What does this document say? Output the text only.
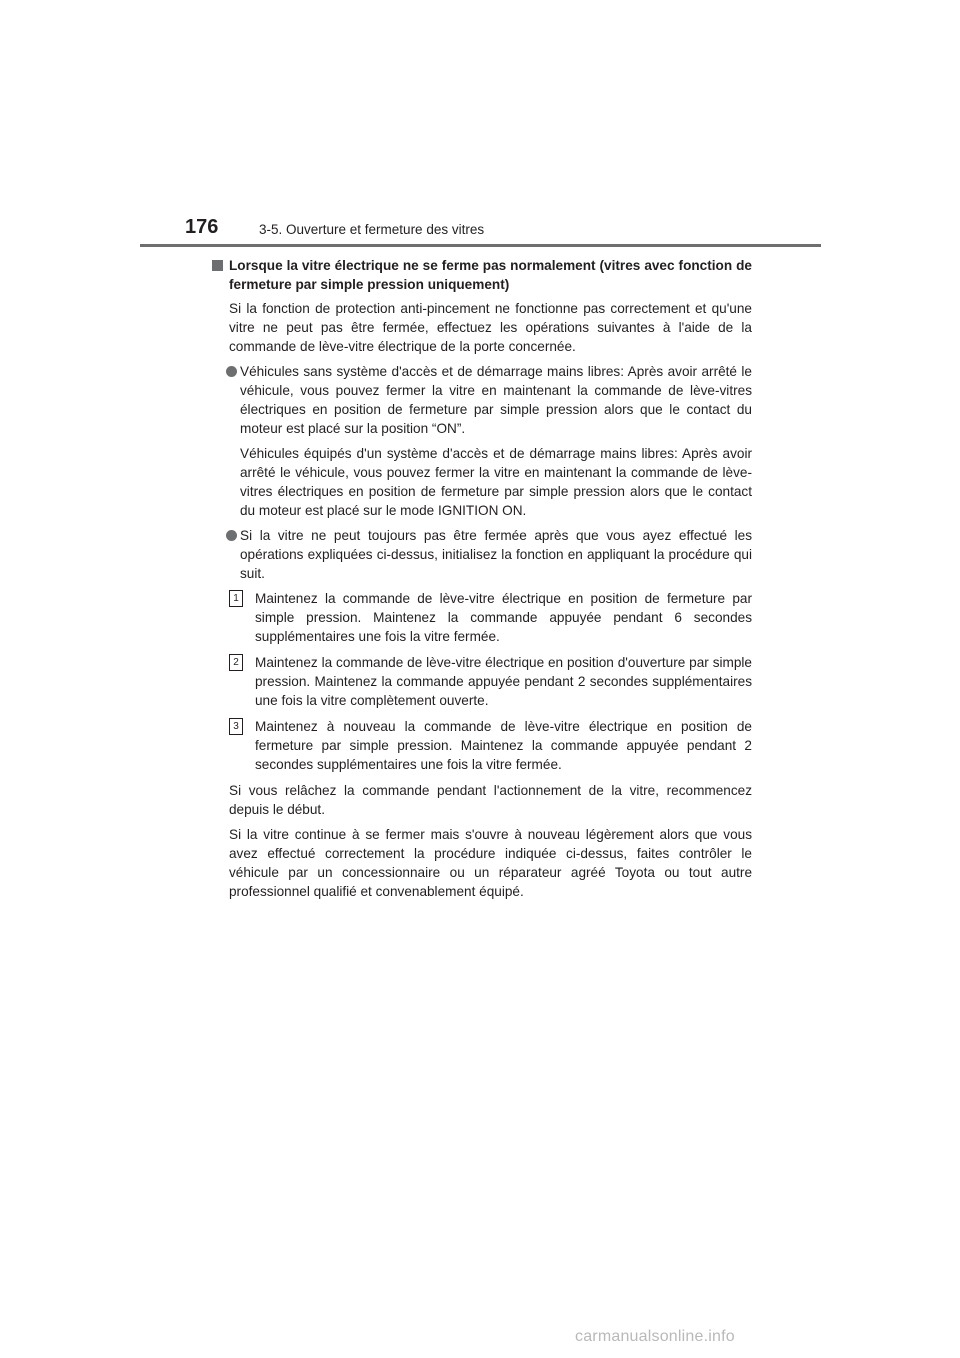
176	3-5. Ouverture et fermeture des vitres
Lorsque la vitre électrique ne se ferme pas normalement (vitres avec fonction de fermeture par simple pression uniquement)
Si la fonction de protection anti-pincement ne fonctionne pas correctement et qu'une vitre ne peut pas être fermée, effectuez les opérations suivantes à l'aide de la commande de lève-vitre électrique de la porte concernée.
Véhicules sans système d'accès et de démarrage mains libres: Après avoir arrêté le véhicule, vous pouvez fermer la vitre en maintenant la commande de lève-vitres électriques en position de fermeture par simple pression alors que le contact du moteur est placé sur la position “ON”.
Véhicules équipés d'un système d'accès et de démarrage mains libres: Après avoir arrêté le véhicule, vous pouvez fermer la vitre en maintenant la commande de lève-vitres électriques en position de fermeture par simple pression alors que le contact du moteur est placé sur le mode IGNITION ON.
Si la vitre ne peut toujours pas être fermée après que vous ayez effectué les opérations expliquées ci-dessus, initialisez la fonction en appliquant la procédure qui suit.
1	Maintenez la commande de lève-vitre électrique en position de fermeture par simple pression. Maintenez la commande appuyée pendant 6 secondes supplémentaires une fois la vitre fermée.
2	Maintenez la commande de lève-vitre électrique en position d'ouverture par simple pression. Maintenez la commande appuyée pendant 2 secondes supplémentaires une fois la vitre complètement ouverte.
3	Maintenez à nouveau la commande de lève-vitre électrique en position de fermeture par simple pression. Maintenez la commande appuyée pendant 2 secondes supplémentaires une fois la vitre fermée.

Si vous relâchez la commande pendant l'actionnement de la vitre, recommencez depuis le début.

Si la vitre continue à se fermer mais s'ouvre à nouveau légèrement alors que vous avez effectué correctement la procédure indiquée ci-dessus, faites contrôler le véhicule par un concessionnaire ou un réparateur agréé Toyota ou tout autre professionnel qualifié et convenablement équipé.

carmanualsonline.info
